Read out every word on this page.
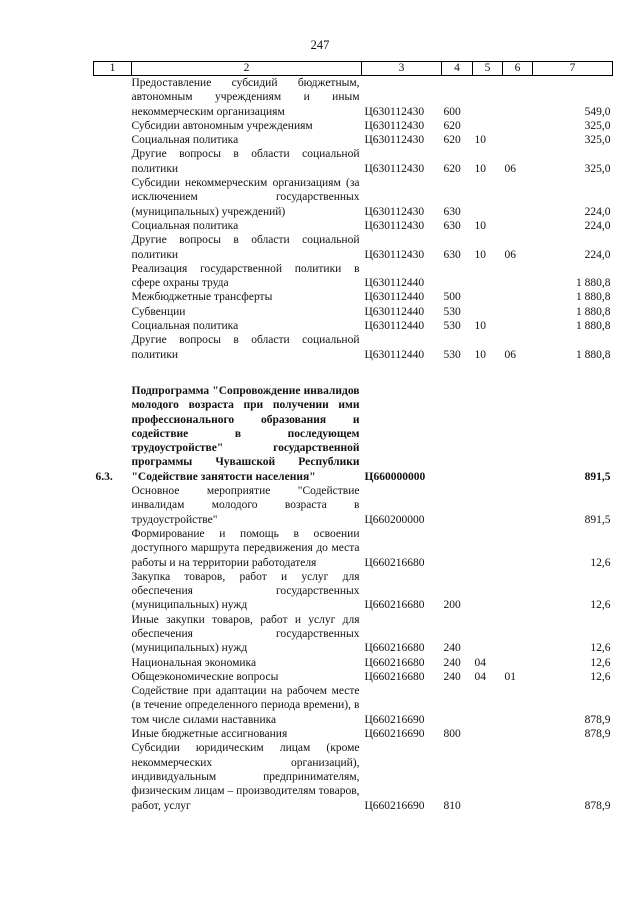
247
1	2	3	4	5	6	7
	Предоставление субсидий бюджетным, автономным учреждениям и иным некоммерческим организациям	Ц630112430	600			549,0
	Субсидии автономным учреждениям	Ц630112430	620			325,0
	Социальная политика	Ц630112430	620	10		325,0
	Другие вопросы в области социальной политики	Ц630112430	620	10	06	325,0
	Субсидии некоммерческим организациям (за исключением государственных (муниципальных) учреждений)	Ц630112430	630			224,0
	Социальная политика	Ц630112430	630	10		224,0
	Другие вопросы в области социальной политики	Ц630112430	630	10	06	224,0
	Реализация государственной политики в сфере охраны труда	Ц630112440				1 880,8
	Межбюджетные трансферты	Ц630112440	500			1 880,8
	Субвенции	Ц630112440	530			1 880,8
	Социальная политика	Ц630112440	530	10		1 880,8
	Другие вопросы в области социальной политики	Ц630112440	530	10	06	1 880,8

6.3.	Подпрограмма "Сопровождение инвалидов молодого возраста при получении ими профессионального образования и содействие в последующем трудоустройстве" государственной программы Чувашской Республики "Содействие занятости населения"	Ц660000000				891,5
	Основное мероприятие "Содействие инвалидам молодого возраста в трудоустройстве"	Ц660200000				891,5
	Формирование и помощь в освоении доступного маршрута передвижения до места работы и на территории работодателя	Ц660216680				12,6
	Закупка товаров, работ и услуг для обеспечения государственных (муниципальных) нужд	Ц660216680	200			12,6
	Иные закупки товаров, работ и услуг для обеспечения государственных (муниципальных) нужд	Ц660216680	240			12,6
	Национальная экономика	Ц660216680	240	04		12,6
	Общеэкономические вопросы	Ц660216680	240	04	01	12,6
	Содействие при адаптации на рабочем месте (в течение определенного периода времени), в том числе силами наставника	Ц660216690				878,9
	Иные бюджетные ассигнования	Ц660216690	800			878,9
	Субсидии юридическим лицам (кроме некоммерческих организаций), индивидуальным предпринимателям, физическим лицам – производителям товаров, работ, услуг	Ц660216690	810			878,9
